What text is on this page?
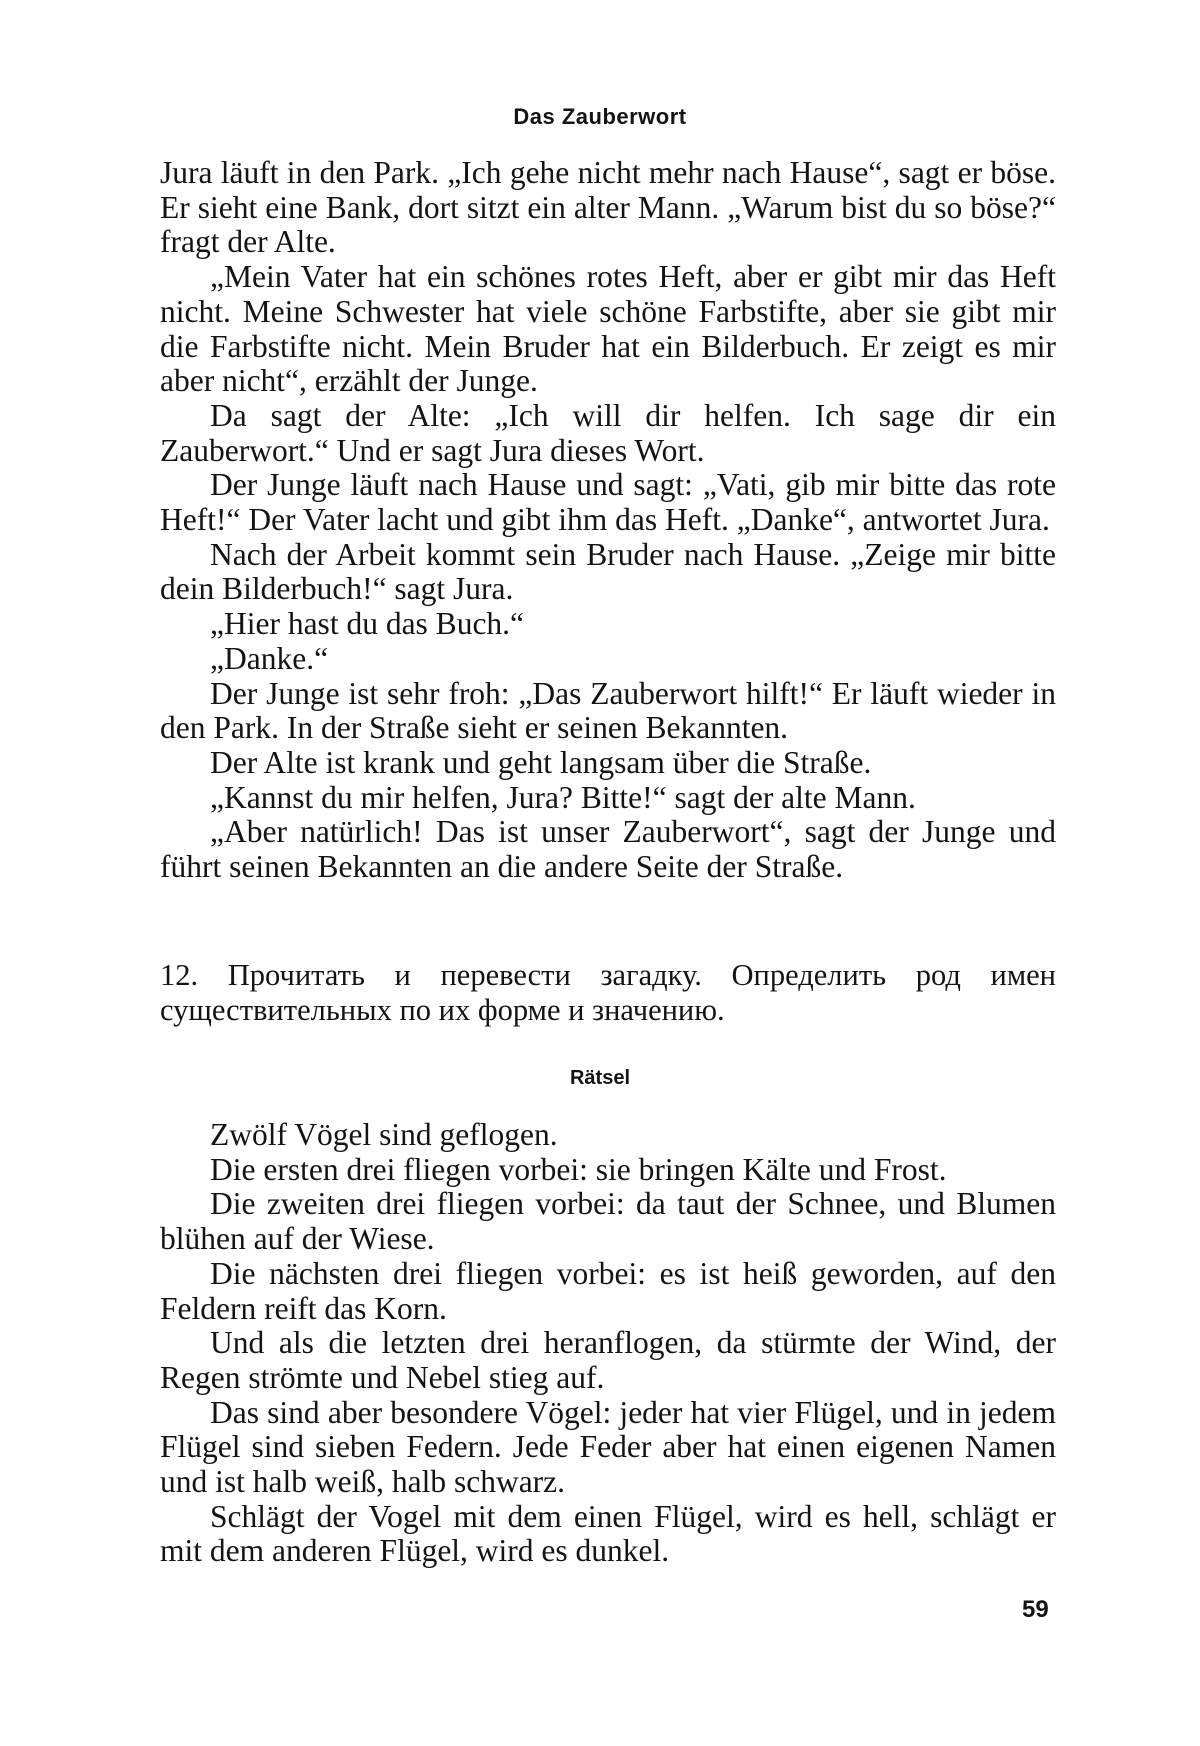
Das Zauberwort

Jura läuft in den Park. „Ich gehe nicht mehr nach Hause“, sagt er böse. Er sieht eine Bank, dort sitzt ein alter Mann. „Warum bist du so böse?“ fragt der Alte.

„Mein Vater hat ein schönes rotes Heft, aber er gibt mir das Heft nicht. Meine Schwester hat viele schöne Farbstifte, aber sie gibt mir die Farbstifte nicht. Mein Bruder hat ein Bilderbuch. Er zeigt es mir aber nicht“, erzählt der Junge.

Da sagt der Alte: „Ich will dir helfen. Ich sage dir ein Zauberwort.“ Und er sagt Jura dieses Wort.

Der Junge läuft nach Hause und sagt: „Vati, gib mir bitte das rote Heft!“ Der Vater lacht und gibt ihm das Heft. „Danke“, antwortet Jura.

Nach der Arbeit kommt sein Bruder nach Hause. „Zeige mir bitte dein Bilderbuch!“ sagt Jura.

„Hier hast du das Buch.“

„Danke.“

Der Junge ist sehr froh: „Das Zauberwort hilft!“ Er läuft wieder in den Park. In der Straße sieht er seinen Bekannten.

Der Alte ist krank und geht langsam über die Straße.

„Kannst du mir helfen, Jura? Bitte!“ sagt der alte Mann.

„Aber natürlich! Das ist unser Zauberwort“, sagt der Junge und führt seinen Bekannten an die andere Seite der Straße.

12. Прочитать и перевести загадку. Определить род имен существительных по их форме и значению.

Rätsel

Zwölf Vögel sind geflogen.

Die ersten drei fliegen vorbei: sie bringen Kälte und Frost.

Die zweiten drei fliegen vorbei: da taut der Schnee, und Blumen blühen auf der Wiese.

Die nächsten drei fliegen vorbei: es ist heiß geworden, auf den Feldern reift das Korn.

Und als die letzten drei heranflogen, da stürmte der Wind, der Regen strömte und Nebel stieg auf.

Das sind aber besondere Vögel: jeder hat vier Flügel, und in jedem Flügel sind sieben Federn. Jede Feder aber hat einen eigenen Namen und ist halb weiß, halb schwarz.

Schlägt der Vogel mit dem einen Flügel, wird es hell, schlägt er mit dem anderen Flügel, wird es dunkel.

59
